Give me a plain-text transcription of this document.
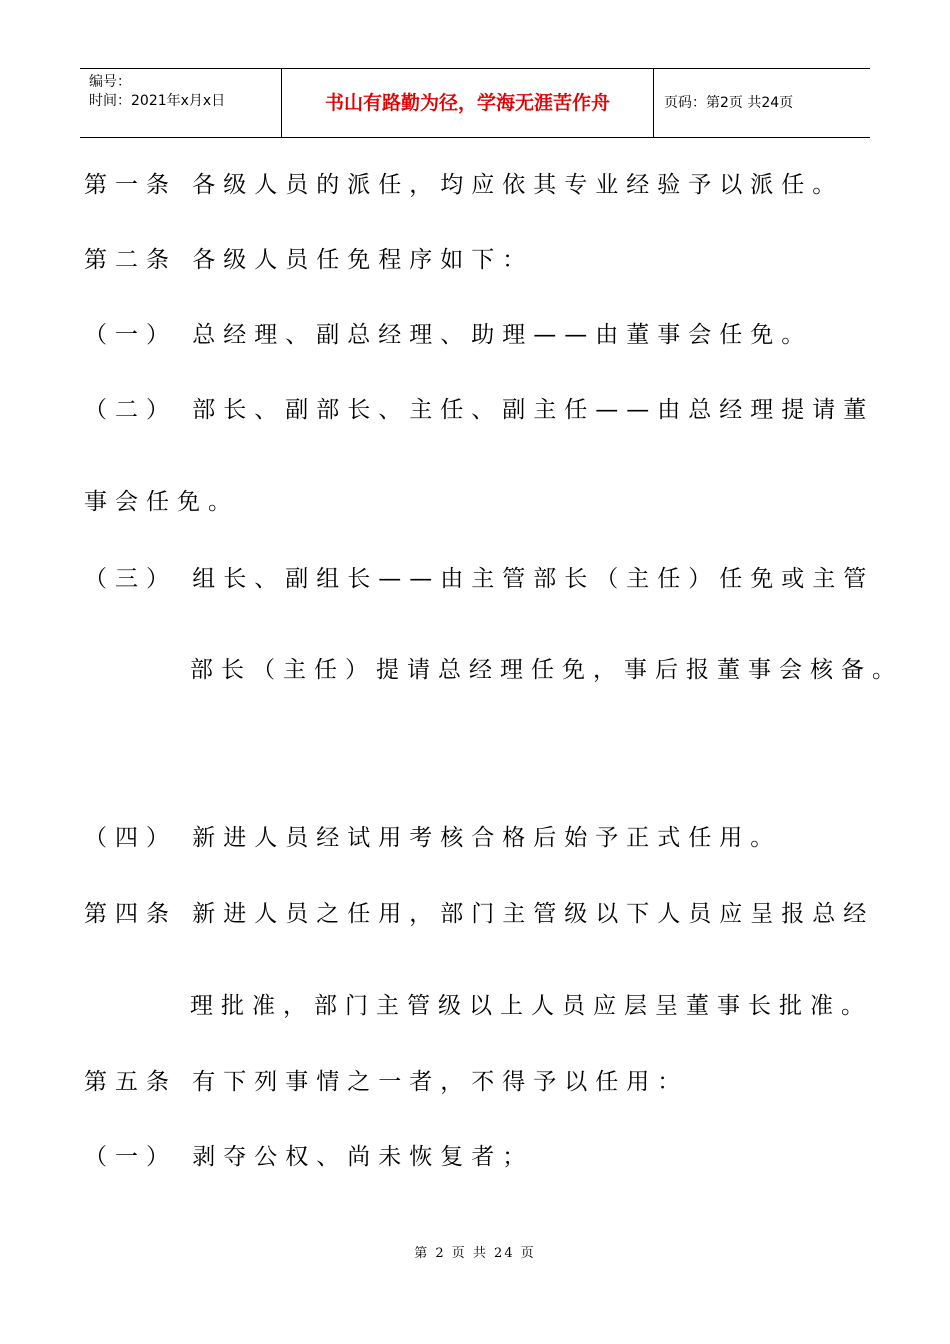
编号：
时间：2021年x月x日	书山有路勤为径，学海无涯苦作舟	页码：第2页 共24页
第一条 各级人员的派任，均应依其专业经验予以派任。
第二条 各级人员任免程序如下：
（一） 总经理、副总经理、助理——由董事会任免。
（二） 部长、副部长、主任、副主任——由总经理提请董
事会任免。
（三） 组长、副组长——由主管部长（主任）任免或主管
部长（主任）提请总经理任免，事后报董事会核备。
（四） 新进人员经试用考核合格后始予正式任用。
第四条 新进人员之任用，部门主管级以下人员应呈报总经
理批准，部门主管级以上人员应层呈董事长批准。
第五条 有下列事情之一者，不得予以任用：
（一） 剥夺公权、尚未恢复者；
第 2 页 共 24 页
